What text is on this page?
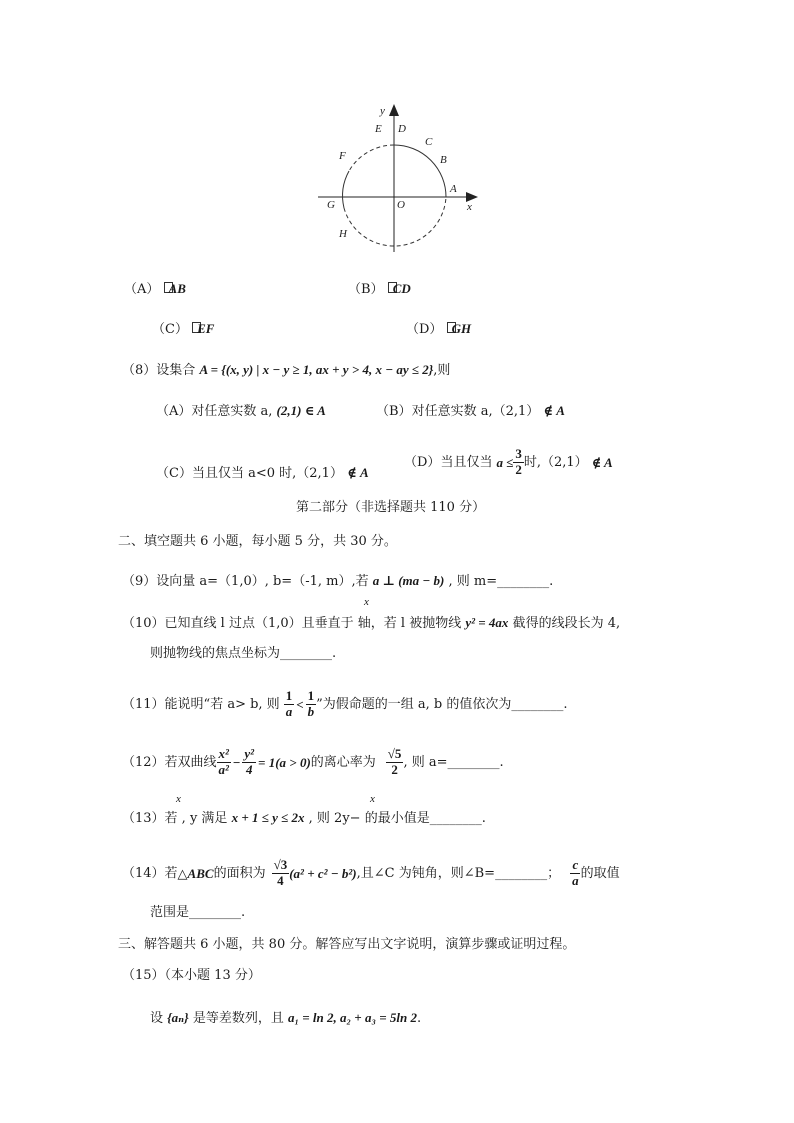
y
x
O
A
B
C
D
E
F
G
H
（A） AB	（B） CD
（C） EF	（D） GH
（8）设集合 A = {(x, y) | x − y ≥ 1, ax + y > 4, x − ay ≤ 2},则
（A）对任意实数 a, (2,1) ∈ A	（B）对任意实数 a,（2,1） ∉ A
（C）当且仅当 a<0 时,（2,1） ∉ A
（D） 当且仅当 $a \le \frac{3}{2}$ 时,（2,1） ∉ A
第二部分（非选择题共 110 分）
二、填空题共 6 小题，每小题 5 分，共 30 分。
（9）设向量 a=（1,0）, b=（-1, m）,若 a ⊥ (ma − b) , 则 m=________.
x
（10）已知直线 l 过点（1,0）且垂直于 轴，若 l 被抛物线 y² = 4ax 截得的线段长为 4,
则抛物线的焦点坐标为________.
（11）能说明“若 a> b, 则 $\frac{1}{a} < \frac{1}{b}$ ”为假命题的一组 a, b 的值依次为________.
（12）若双曲线 $\frac{\text{x²}}{\text{a²}} - \frac{\text{y²}}{4} = 1(a > 0)$ 的离心率为 $\frac{√5}{2}$ , 则 a=________.
x	x
（13）若 , y 满足 x + 1 ≤ y ≤ 2x , 则 2y− 的最小值是________.
（14）若 △ABC 的面积为 $\frac{√3}{4} (a^2 + c^2 - b^2)$ ,且∠C 为钝角，则∠B=________； $\frac{c}{a}$ 的取值
范围是________.
三、解答题共 6 小题，共 80 分。解答应写出文字说明，演算步骤或证明过程。
（15）（本小题 13 分）
设 {aₙ} 是等差数列，且 a₁ = ln 2, a₂ + a₃ = 5ln 2.
